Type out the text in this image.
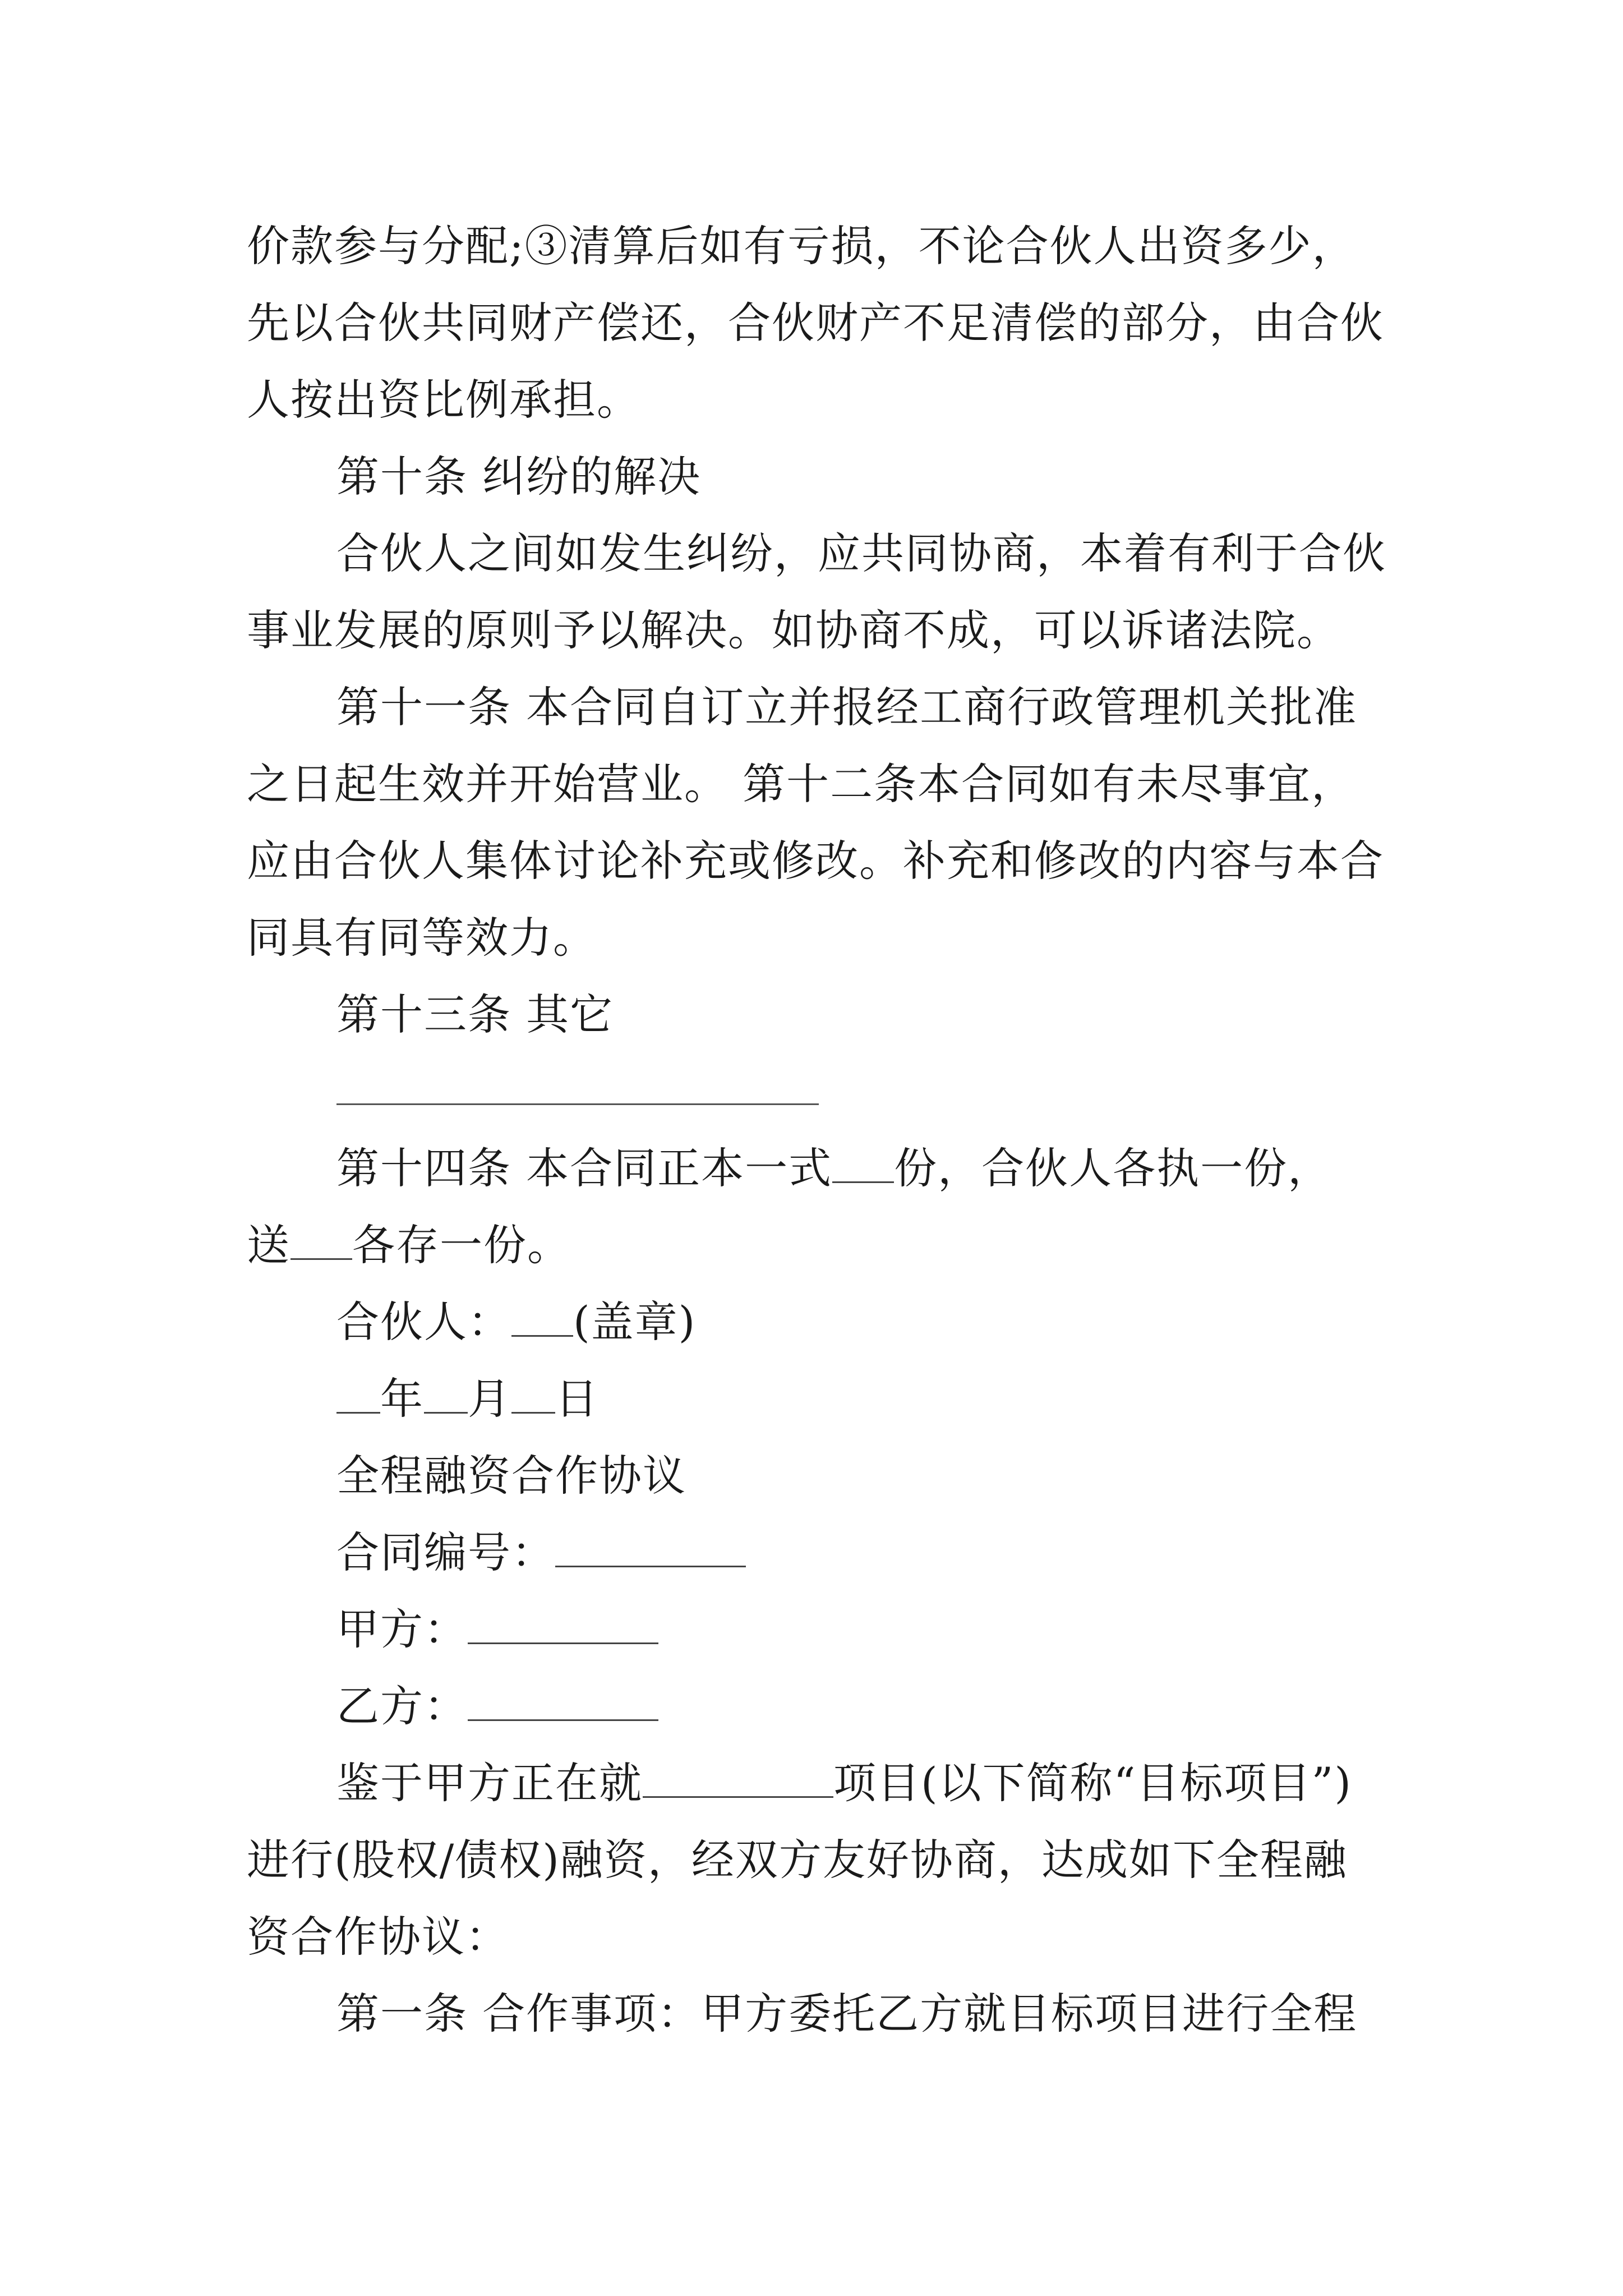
价款参与分配;③清算后如有亏损，不论合伙人出资多少，
先以合伙共同财产偿还，合伙财产不足清偿的部分，由合伙
人按出资比例承担。
第十条 纠纷的解决
合伙人之间如发生纠纷，应共同协商，本着有利于合伙
事业发展的原则予以解决。如协商不成，可以诉诸法院。
第十一条 本合同自订立并报经工商行政管理机关批准
之日起生效并开始营业。 第十二条本合同如有未尽事宜，
应由合伙人集体讨论补充或修改。补充和修改的内容与本合
同具有同等效力。
第十三条 其它
第十四条 本合同正本一式 份，合伙人各执一份，
送 各存一份。
合伙人： (盖章)
年 月 日
全程融资合作协议
合同编号：
甲方：
乙方：
鉴于甲方正在就	项目(以下简称“目标项目”)
进行(股权/债权)融资，经双方友好协商，达成如下全程融
资合作协议：
第一条 合作事项：甲方委托乙方就目标项目进行全程
